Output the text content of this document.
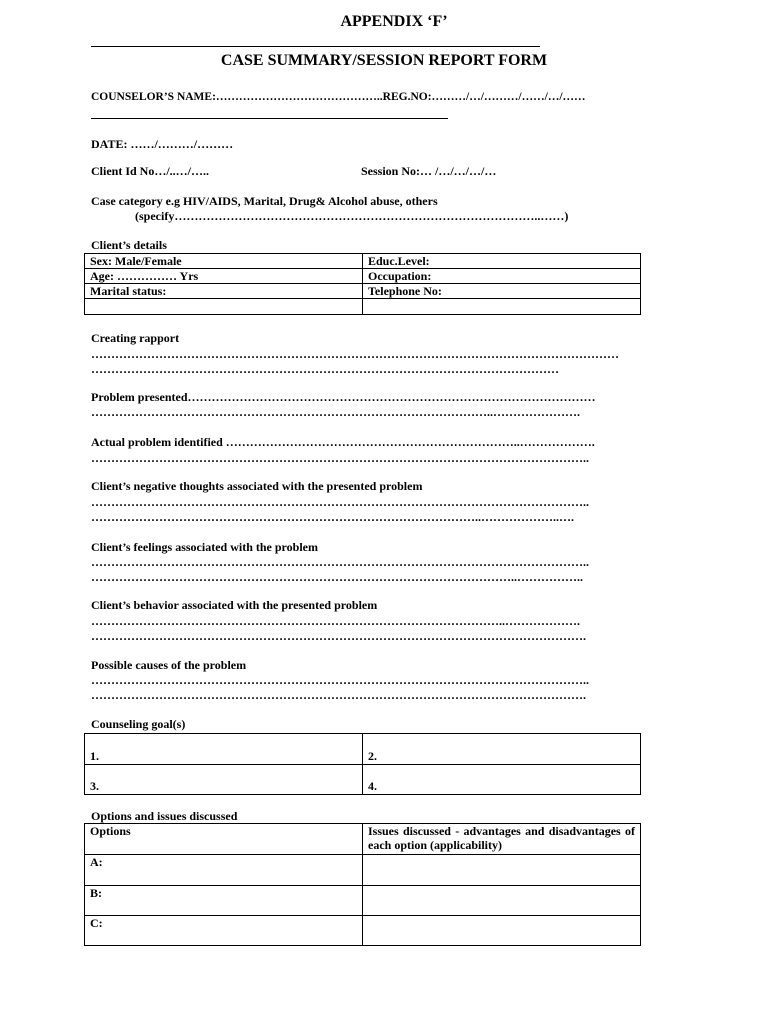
APPENDIX ‘F’
CASE SUMMARY/SESSION REPORT FORM
COUNSELOR’S NAME:……………………………………..REG.NO:………/…/………/……/…/……
DATE: ……/………/………
Client Id No…/..…/…..	Session No:… /…/…/…/…
Case category e.g HIV/AIDS, Marital, Drug& Alcohol abuse, others
(specify………………………………………………………………………………..……)
Client’s details
Sex: Male/Female	Educ.Level:
Age: …………… Yrs	Occupation:
Marital status:	Telephone No:

Creating rapport
……………………………………………………………………………………………………………………
………………………………………………………………………………………………………
Problem presented…………………………………………………………………………………………
………………………………………………………………………………………..………………….
Actual problem identified ………………………………………………………………..……………….
……………………………………………………………………………………………………………..
Client’s negative thoughts associated with the presented problem
……………………………………………………………………………………………………………..
……………………………………………………………………………………..………………..….
Client’s feelings associated with the problem
……………………………………………………………………………………………………………..
……………………………………………………………………………………………..……………..
Client’s behavior associated with the presented problem
…………………………………………………………………………………………..……………….
…………………………………………………………………………………………………………….
Possible causes of the problem
……………………………………………………………………………………………………………..
…………………………………………………………………………………………………………….
Counseling goal(s)
1.	2.
3.	4.
Options and issues discussed
Options	Issues discussed - advantages and disadvantages of each option (applicability)
A:	
B:	
C:	
